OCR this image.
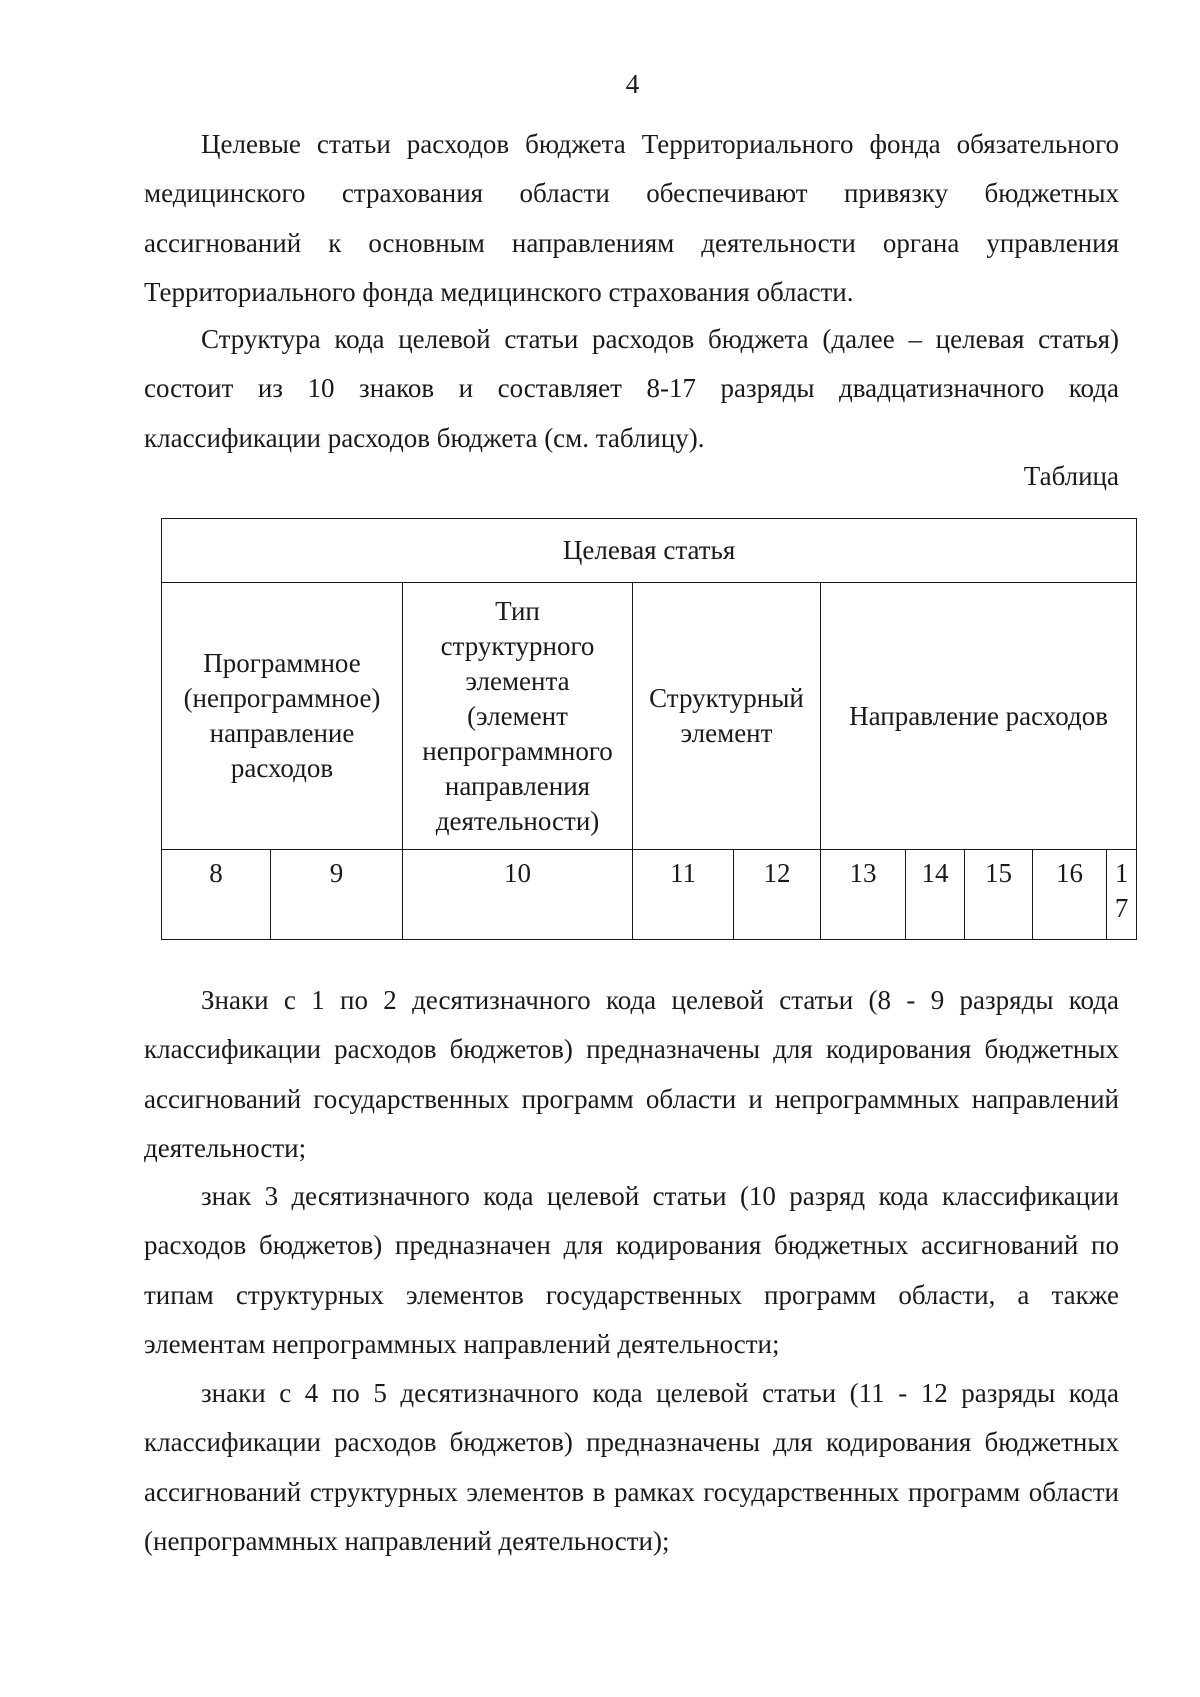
4

Целевые статьи расходов бюджета Территориального фонда обязательного медицинского страхования области обеспечивают привязку бюджетных ассигнований к основным направлениям деятельности органа управления Территориального фонда медицинского страхования области.

Структура кода целевой статьи расходов бюджета (далее – целевая статья) состоит из 10 знаков и составляет 8-17 разряды двадцатизначного кода классификации расходов бюджета (см. таблицу).

Таблица
Целевая статья									
Программное (непрограммное) направление расходов		Тип структурного элемента (элемент непрограммного направления деятельности)	Структурный элемент		Направление расходов				
8	9	10	11	12	13	14	15	16	17

Знаки с 1 по 2 десятизначного кода целевой статьи (8 - 9 разряды кода классификации расходов бюджетов) предназначены для кодирования бюджетных ассигнований государственных программ области и непрограммных направлений деятельности;

знак 3 десятизначного кода целевой статьи (10 разряд кода классификации расходов бюджетов) предназначен для кодирования бюджетных ассигнований по типам структурных элементов государственных программ области, а также элементам непрограммных направлений деятельности;

знаки с 4 по 5 десятизначного кода целевой статьи (11 - 12 разряды кода классификации расходов бюджетов) предназначены для кодирования бюджетных ассигнований структурных элементов в рамках государственных программ области (непрограммных направлений деятельности);
